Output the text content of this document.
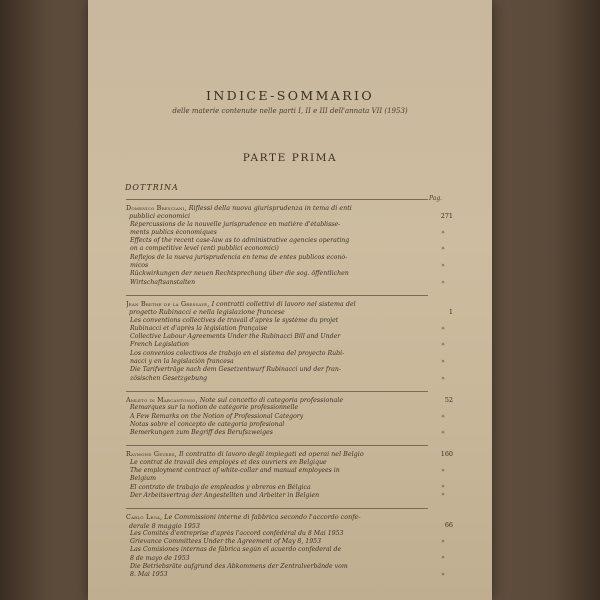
INDICE-SOMMARIO
delle materie contenute nelle parti I, II e III dell'annata VII (1953)
PARTE PRIMA
DOTTRINA
Pag.
Domenico Bresciani, Riflessi della nuova giurisprudenza in tema di enti
pubblici economici
Répercussions de la nouvelle jurisprudence en matière d'établisse-
ments publics économiques
Effects of the recent case-law as to administrative agencies operating
on a competitive level (enti pubblici economici)
Reflejos de la nueva jurisprudencia en tema de entes publicos econó-
micos
Rückwirkungen der neuen Rechtsprechung über die sog. öffentlichen
Wirtschaftsanstalten
271
»
»
»
»
Jean Brethe de la Gressaye, I contratti collettivi di lavoro nel sistema del
progetto Rubinacci e nella legislazione francese
Les conventions collectives de travail d'après le système du projet
Rubinacci et d'après la législation française
Collective Labour Agreements Under the Rubinacci Bill and Under
French Legislation
Los convenios colectivos de trabajo en el sistema del proyecto Rubi-
nacci y en la legislación francesa
Die Tarifverträge nach dem Gesetzentwurf Rubinacci und der fran-
zösischen Gesetzgebung
1
»
»
»
»
Amleto di Marcantonio, Note sul concetto di categoria professionale
Remarques sur la notion de catégorie professionnelle
A Few Remarks on the Notion of Professional Category
Notas sobre el concepto de categoría profesional
Bemerkungen zum Begriff des Berufszweiges
52
»
»
Raymond Gevers, Il contratto di lavoro degli impiegati ed operai nel Belgio
Le contrat de travail des employés et des ouvriers en Belgique
The employment contract of white-collar and manual employees in
Belgium
El contrato de trabajo de empleados y obreros en Bélgica
Der Arbeitsvertrag der Angestellten und Arbeiter in Belgien
160
»
»
»
Carlo Lega, Le Commissioni interne di fabbrica secondo l'accordo confe-
derale 8 maggio 1953
Les Comités d'entreprise d'après l'accord confédéral du 8 Mai 1953
Grievance Committees Under the Agreement of May 8, 1953
Las Comisiones internas de fábrica según el acuerdo confederal de
8 de mayo de 1953
Die Betriebsräte aufgrund des Abkommens der Zentralverbände vom
8. Mai 1953
66
»
»
»
